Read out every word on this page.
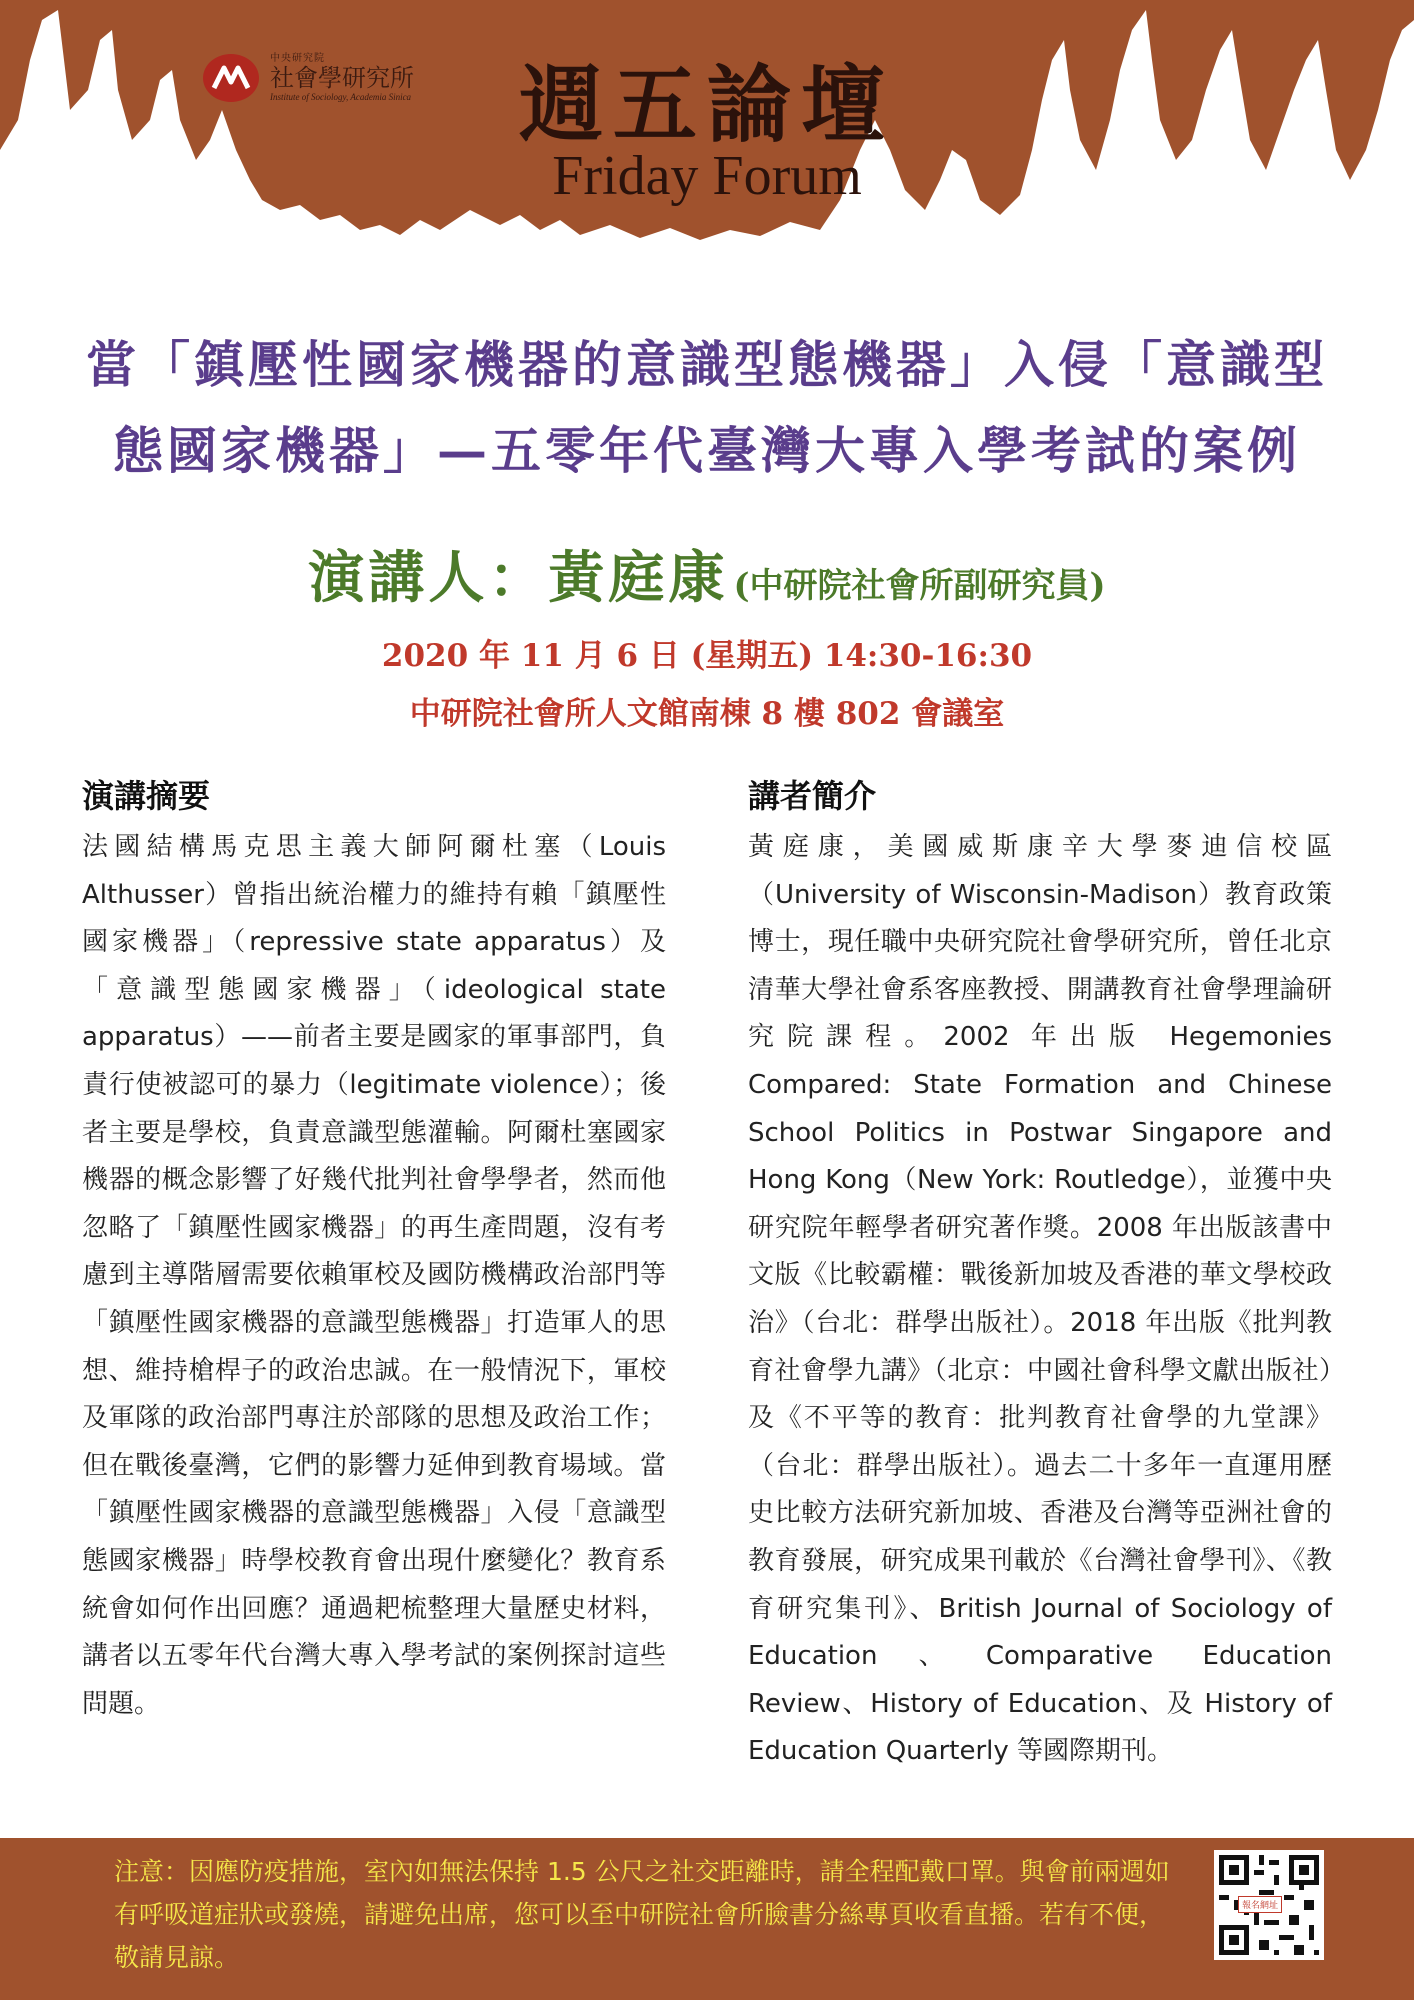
中央研究院
社會學研究所
Institute of Sociology, Academia Sinica	週五論壇
Friday Forum
當「鎮壓性國家機器的意識型態機器」入侵「意識型
態國家機器」—五零年代臺灣大專入學考試的案例
演講人：黃庭康 (中研院社會所副研究員)
2020 年 11 月 6 日 (星期五) 14:30-16:30
中研院社會所人文館南棟 8 樓 802 會議室
演講摘要

法國結構馬克思主義大師阿爾杜塞（Louis Althusser）曾指出統治權力的維持有賴「鎮壓性國家機器」（repressive state apparatus）及「意識型態國家機器」（ideological state apparatus）——前者主要是國家的軍事部門，負責行使被認可的暴力（legitimate violence）；後者主要是學校，負責意識型態灌輸。阿爾杜塞國家機器的概念影響了好幾代批判社會學學者，然而他忽略了「鎮壓性國家機器」的再生產問題，沒有考慮到主導階層需要依賴軍校及國防機構政治部門等「鎮壓性國家機器的意識型態機器」打造軍人的思想、維持槍桿子的政治忠誠。在一般情況下，軍校及軍隊的政治部門專注於部隊的思想及政治工作；但在戰後臺灣，它們的影響力延伸到教育場域。當「鎮壓性國家機器的意識型態機器」入侵「意識型態國家機器」時學校教育會出現什麼變化？教育系統會如何作出回應？通過耙梳整理大量歷史材料，講者以五零年代台灣大專入學考試的案例探討這些問題。

講者簡介

黃庭康，美國威斯康辛大學麥迪信校區（University of Wisconsin-Madison）教育政策博士，現任職中央研究院社會學研究所，曾任北京清華大學社會系客座教授、開講教育社會學理論研究院課程。2002 年出版 Hegemonies Compared: State Formation and Chinese School Politics in Postwar Singapore and Hong Kong（New York: Routledge），並獲中央研究院年輕學者研究著作獎。2008 年出版該書中文版《比較霸權：戰後新加坡及香港的華文學校政治》（台北：群學出版社）。2018 年出版《批判教育社會學九講》（北京：中國社會科學文獻出版社）及《不平等的教育：批判教育社會學的九堂課》（台北：群學出版社）。過去二十多年一直運用歷史比較方法研究新加坡、香港及台灣等亞洲社會的教育發展，研究成果刊載於《台灣社會學刊》、《教育研究集刊》、British Journal of Sociology of Education、Comparative Education Review、History of Education、及 History of Education Quarterly 等國際期刊。

注意：因應防疫措施，室內如無法保持 1.5 公尺之社交距離時，請全程配戴口罩。與會前兩週如有呼吸道症狀或發燒，請避免出席，您可以至中研院社會所臉書分絲專頁收看直播。若有不便，敬請見諒。
報名網址
